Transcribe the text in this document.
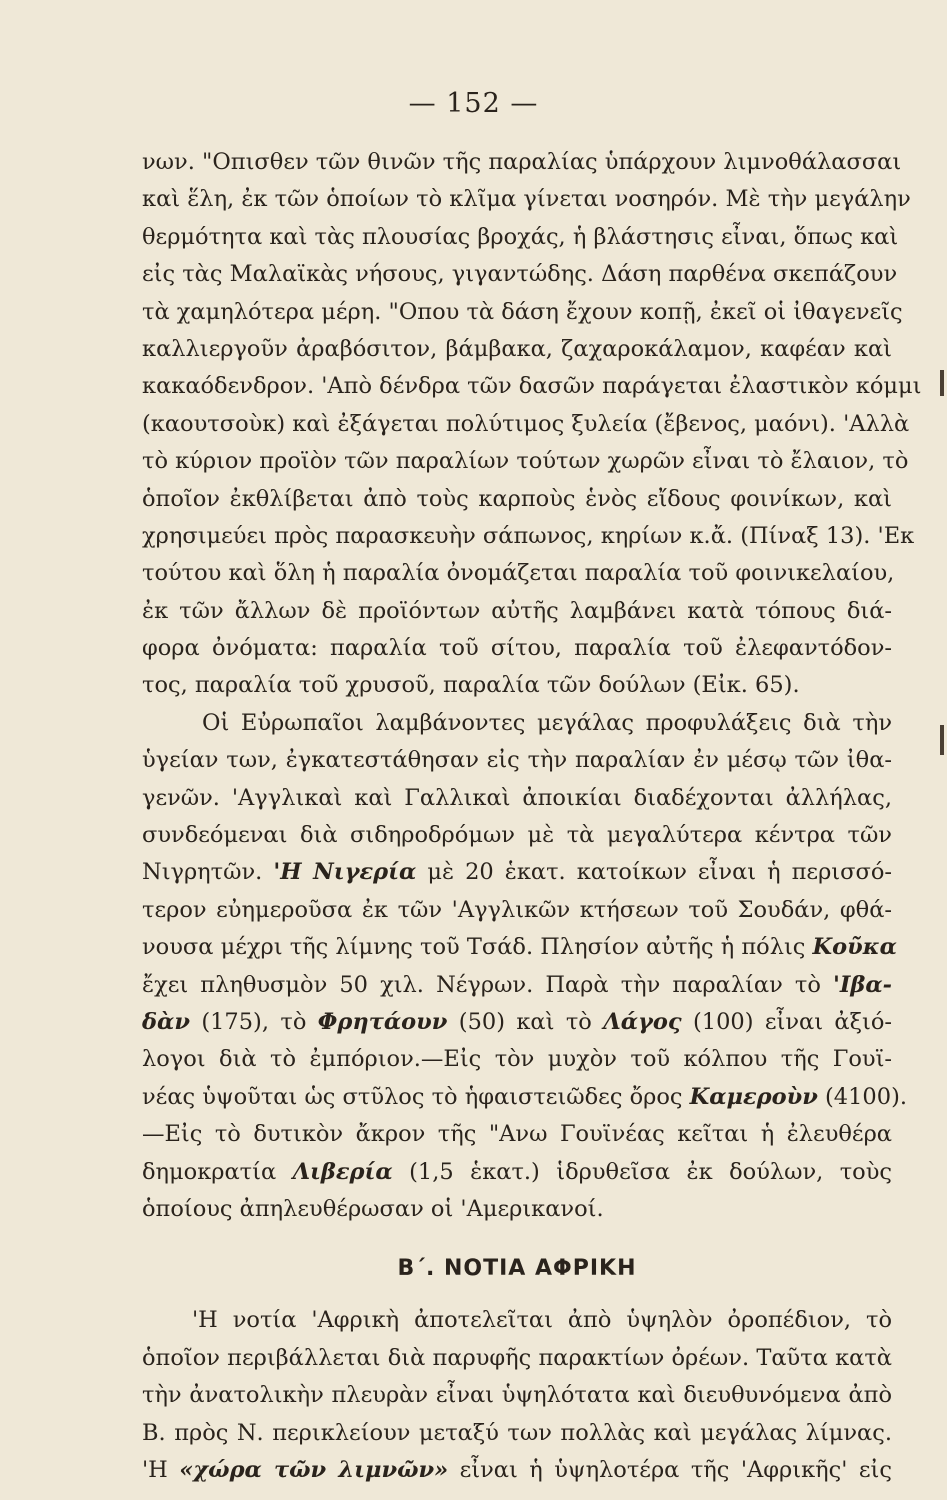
— 152 —
νων. "Οπισθεν τῶν θινῶν τῆς παραλίας ὑπάρχουν λιμνοθάλασσαι
καὶ ἕλη, ἐκ τῶν ὁποίων τὸ κλῖμα γίνεται νοσηρόν. Μὲ τὴν μεγάλην
θερμότητα καὶ τὰς πλουσίας βροχάς, ἡ βλάστησις εἶναι, ὅπως καὶ
εἰς τὰς Μαλαϊκὰς νήσους, γιγαντώδης. Δάση παρθένα σκεπάζουν
τὰ χαμηλότερα μέρη. "Οπου τὰ δάση ἔχουν κοπῇ, ἐκεῖ οἱ ἰθαγενεῖς
καλλιεργοῦν ἀραβόσιτον, βάμβακα, ζαχαροκάλαμον, καφέαν καὶ
κακαόδενδρον. 'Απὸ δένδρα τῶν δασῶν παράγεται ἐλαστικὸν κόμμι
(καουτσοὺκ) καὶ ἐξάγεται πολύτιμος ξυλεία (ἔβενος, μαόνι). 'Αλλὰ
τὸ κύριον προϊὸν τῶν παραλίων τούτων χωρῶν εἶναι τὸ ἔλαιον, τὸ
ὁποῖον ἐκθλίβεται ἀπὸ τοὺς καρποὺς ἑνὸς εἴδους φοινίκων, καὶ
χρησιμεύει πρὸς παρασκευὴν σάπωνος, κηρίων κ.ἄ. (Πίναξ 13). 'Εκ
τούτου καὶ ὅλη ἡ παραλία ὀνομάζεται παραλία τοῦ φοινικελαίου,
ἐκ τῶν ἄλλων δὲ προϊόντων αὐτῆς λαμβάνει κατὰ τόπους διά-
φορα ὀνόματα: παραλία τοῦ σίτου, παραλία τοῦ ἐλεφαντόδον-
τος, παραλία τοῦ χρυσοῦ, παραλία τῶν δούλων (Εἰκ. 65).
Οἱ Εὐρωπαῖοι λαμβάνοντες μεγάλας προφυλάξεις διὰ τὴν
ὑγείαν των, ἐγκατεστάθησαν εἰς τὴν παραλίαν ἐν μέσῳ τῶν ἰθα-
γενῶν. 'Αγγλικαὶ καὶ Γαλλικαὶ ἀποικίαι διαδέχονται ἀλλήλας,
συνδεόμεναι διὰ σιδηροδρόμων μὲ τὰ μεγαλύτερα κέντρα τῶν
Νιγρητῶν. 'Η Νιγερία μὲ 20 ἑκατ. κατοίκων εἶναι ἡ περισσό-
τερον εὐημεροῦσα ἐκ τῶν 'Αγγλικῶν κτήσεων τοῦ Σουδάν, φθά-
νουσα μέχρι τῆς λίμνης τοῦ Τσάδ. Πλησίον αὐτῆς ἡ πόλις Κοῦκα
ἔχει πληθυσμὸν 50 χιλ. Νέγρων. Παρὰ τὴν παραλίαν τὸ 'Ιβα-
δὰν (175), τὸ Φρητάουν (50) καὶ τὸ Λάγος (100) εἶναι ἀξιό-
λογοι διὰ τὸ ἐμπόριον.—Εἰς τὸν μυχὸν τοῦ κόλπου τῆς Γουϊ-
νέας ὑψοῦται ὡς στῦλος τὸ ἡφαιστειῶδες ὄρος Καμεροὺν (4100).
—Εἰς τὸ δυτικὸν ἄκρον τῆς "Ανω Γουϊνέας κεῖται ἡ ἐλευθέρα
δημοκρατία Λιβερία (1,5 ἑκατ.) ἱδρυθεῖσα ἐκ δούλων, τοὺς
ὁποίους ἀπηλευθέρωσαν οἱ 'Αμερικανοί.
Β΄. ΝΟΤΙΑ ΑΦΡΙΚΗ
'Η νοτία 'Αφρικὴ ἀποτελεῖται ἀπὸ ὑψηλὸν ὀροπέδιον, τὸ
ὁποῖον περιβάλλεται διὰ παρυφῆς παρακτίων ὀρέων. Ταῦτα κατὰ
τὴν ἀνατολικὴν πλευρὰν εἶναι ὑψηλότατα καὶ διευθυνόμενα ἀπὸ
Β. πρὸς Ν. περικλείουν μεταξύ των πολλὰς καὶ μεγάλας λίμνας.
'Η «χώρα τῶν λιμνῶν» εἶναι ἡ ὑψηλοτέρα τῆς 'Αφρικῆς' εἰς
